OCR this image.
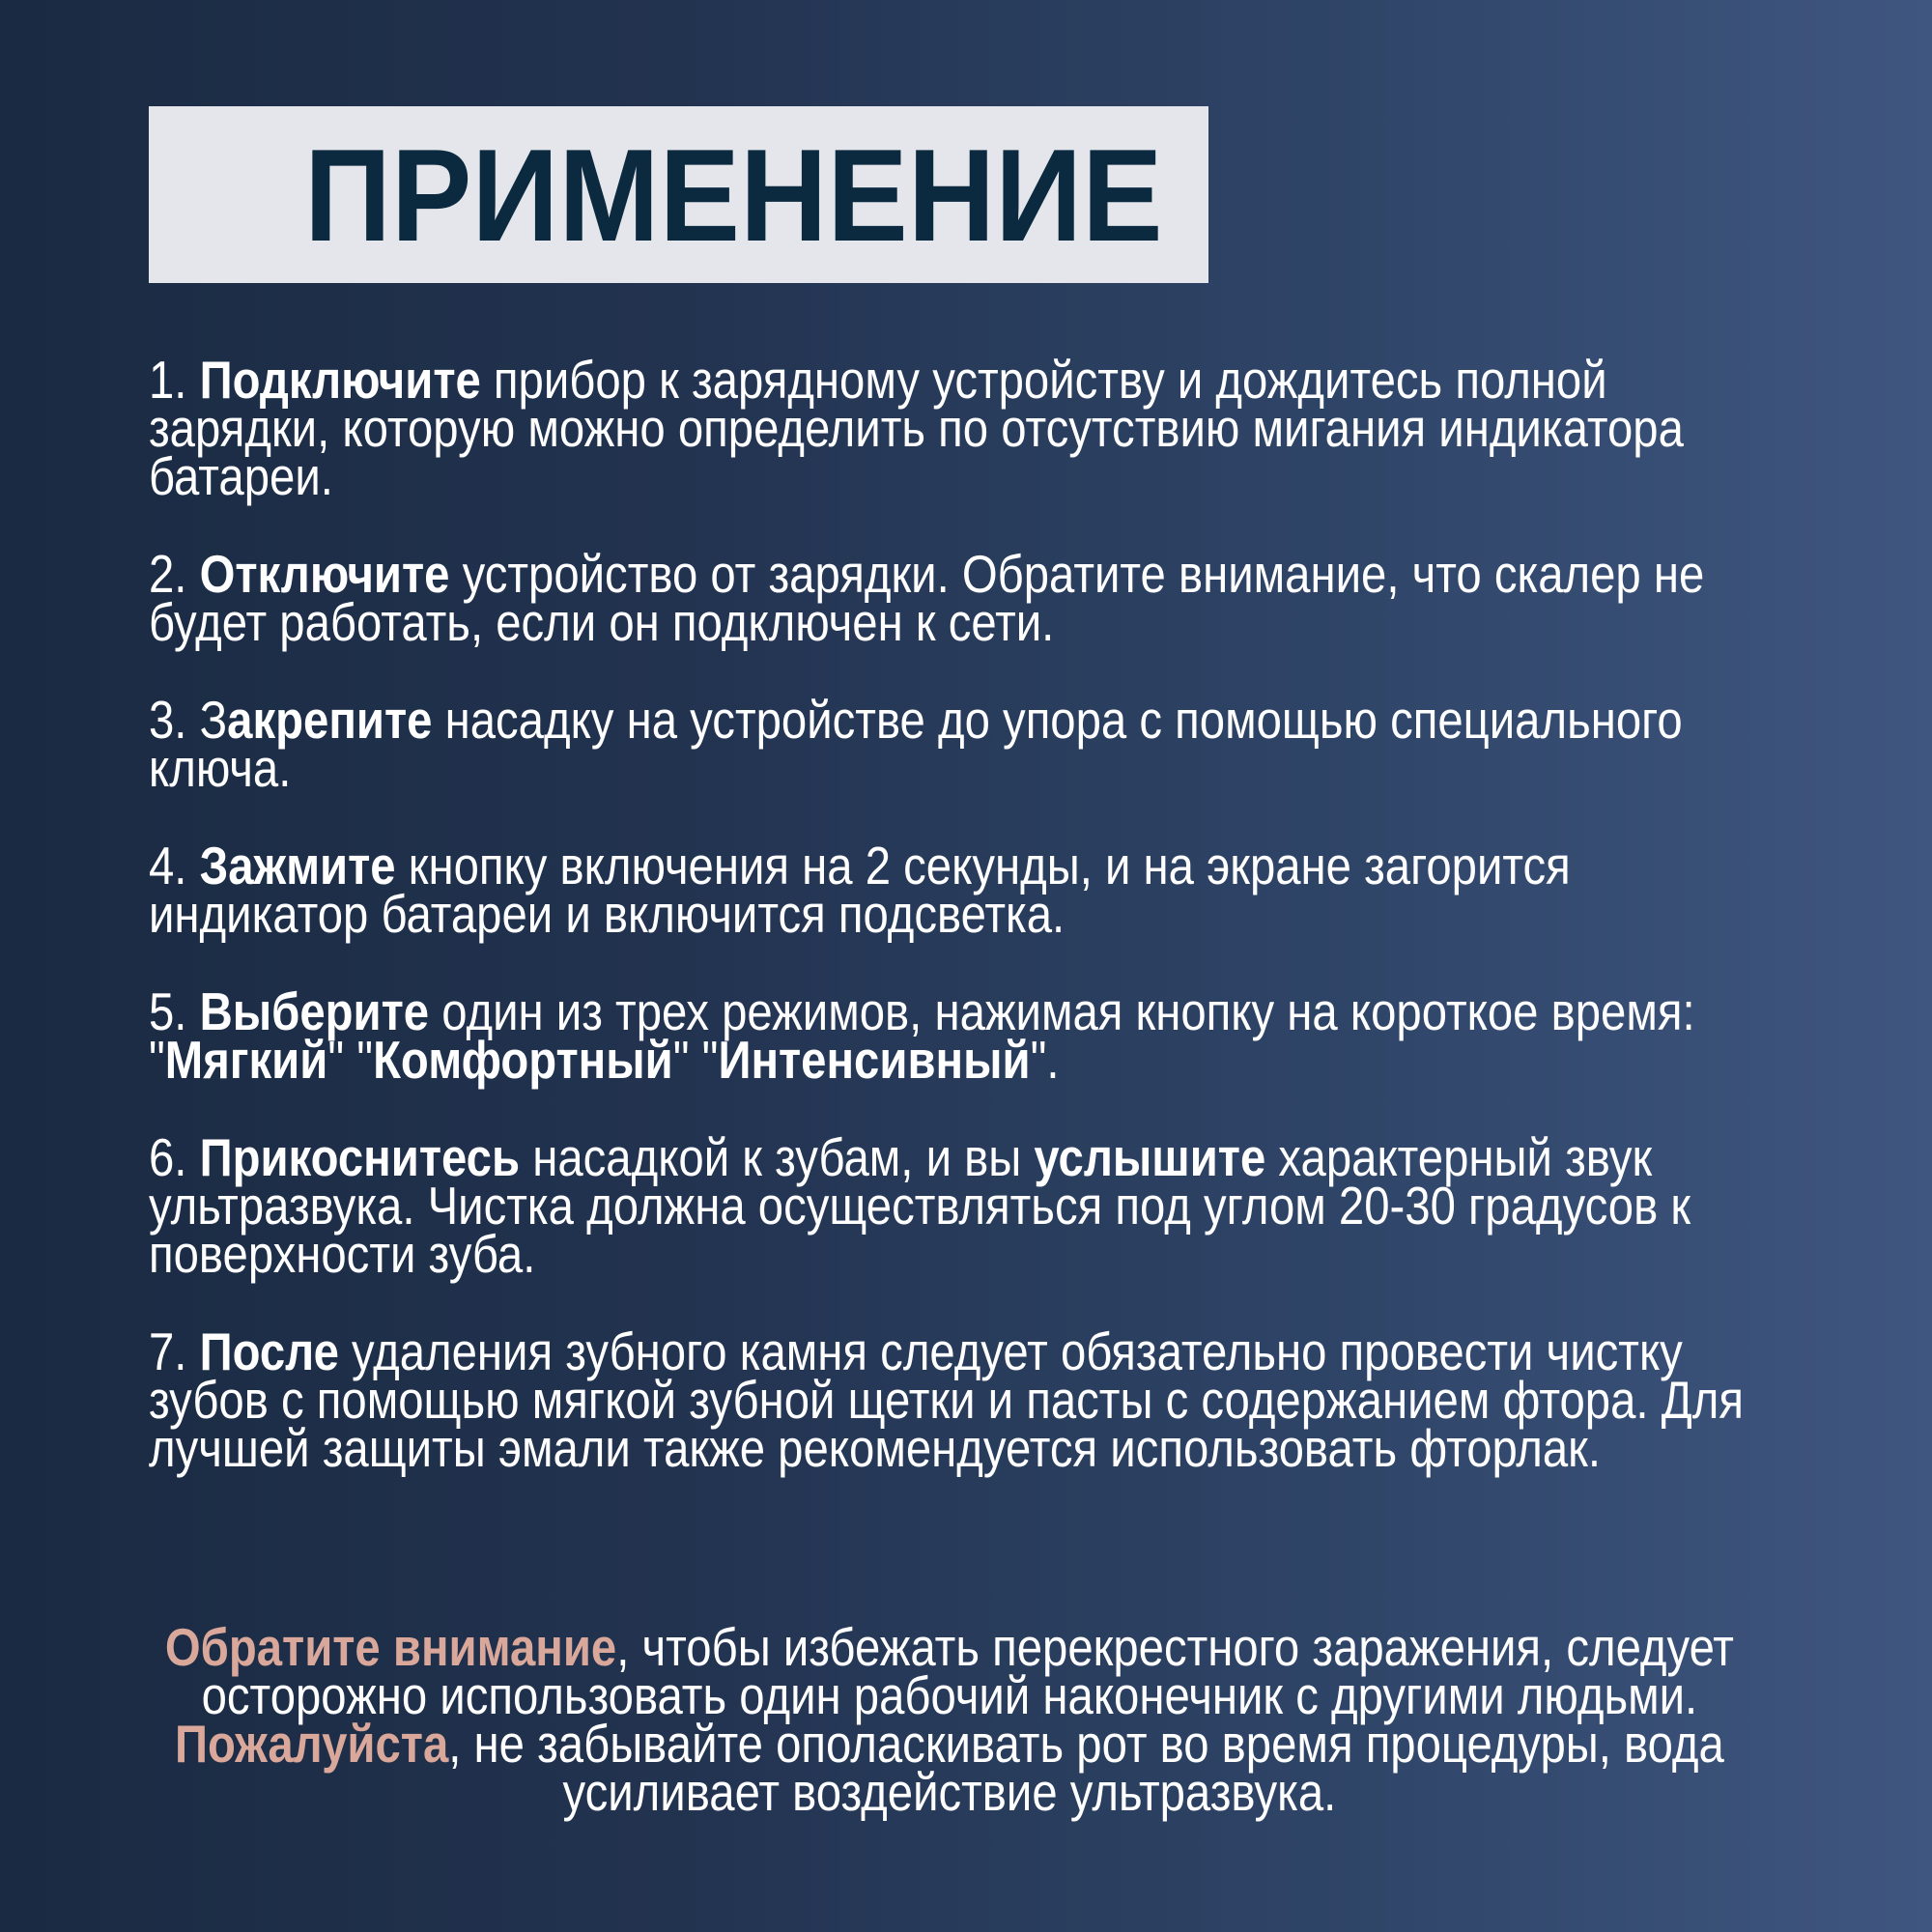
ПРИМЕНЕНИЕ

1. Подключите прибор к зарядному устройству и дождитесь полной зарядки, которую можно определить по отсутствию мигания индикатора батареи.

2. Отключите устройство от зарядки. Обратите внимание, что скалер не будет работать, если он подключен к сети.

3. Закрепите насадку на устройстве до упора с помощью специального ключа.

4. Зажмите кнопку включения на 2 секунды, и на экране загорится индикатор батареи и включится подсветка.

5. Выберите один из трех режимов, нажимая кнопку на короткое время: "Мягкий" "Комфортный" "Интенсивный".

6. Прикоснитесь насадкой к зубам, и вы услышите характерный звук ультразвука. Чистка должна осуществляться под углом 20-30 градусов к поверхности зуба.

7. После удаления зубного камня следует обязательно провести чистку зубов с помощью мягкой зубной щетки и пасты с содержанием фтора. Для лучшей защиты эмали также рекомендуется использовать фторлак.

Обратите внимание, чтобы избежать перекрестного заражения, следует осторожно использовать один рабочий наконечник с другими людьми. Пожалуйста, не забывайте ополаскивать рот во время процедуры, вода усиливает воздействие ультразвука.
